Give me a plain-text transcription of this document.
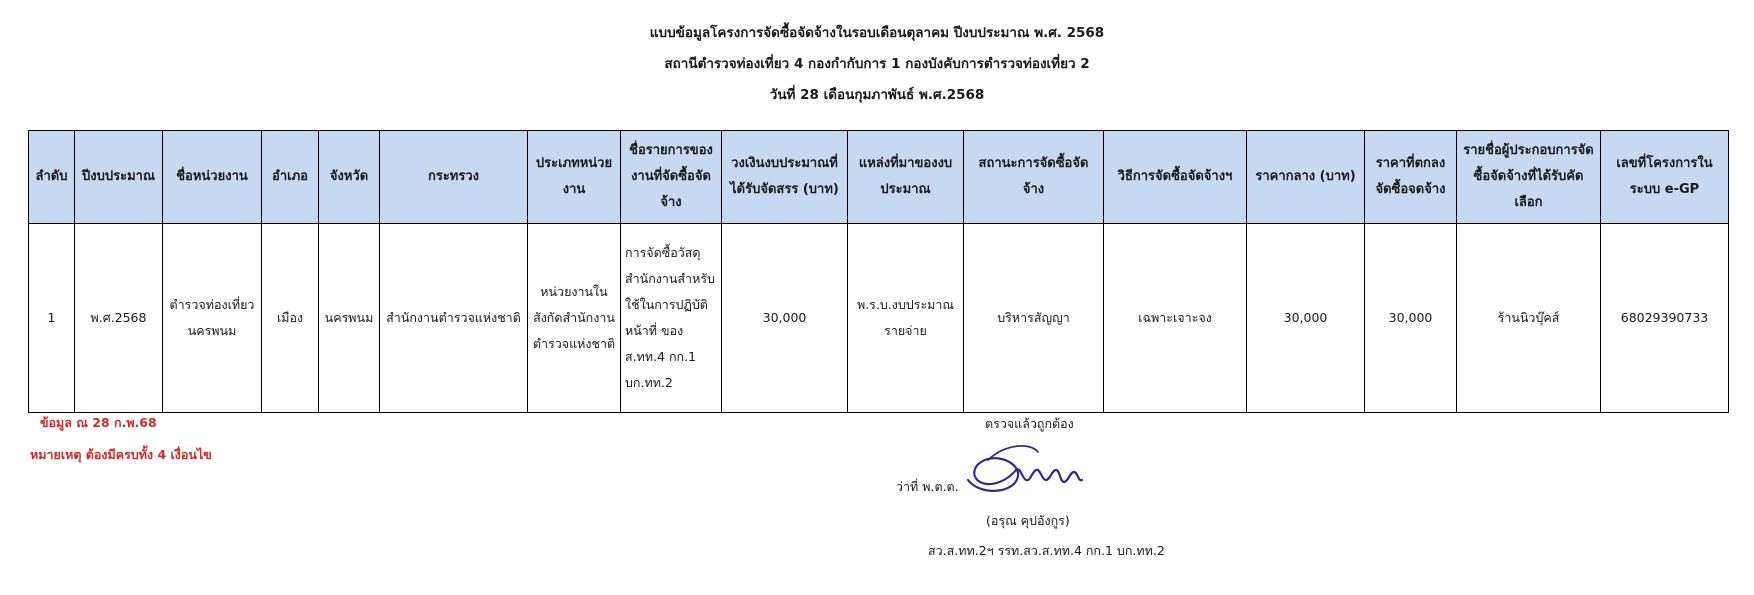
แบบข้อมูลโครงการจัดซื้อจัดจ้างในรอบเดือนตุลาคม ปีงบประมาณ พ.ศ. 2568
สถานีตำรวจท่องเที่ยว 4 กองกำกับการ 1 กองบังคับการตำรวจท่องเที่ยว 2
วันที่ 28 เดือนกุมภาพันธ์ พ.ศ.2568
ลำดับ	ปีงบประมาณ	ชื่อหน่วยงาน	อำเภอ	จังหวัด	กระทรวง	ประเภทหน่วยงาน	ชื่อรายการของงานที่จัดซื้อจัดจ้าง	วงเงินงบประมาณที่ได้รับจัดสรร (บาท)	แหล่งที่มาของงบประมาณ	สถานะการจัดซื้อจัดจ้าง	วิธีการจัดซื้อจัดจ้างฯ	ราคากลาง (บาท)	ราคาที่ตกลงจัดซื้อจดจ้าง	รายชื่อผู้ประกอบการจัดซื้อจัดจ้างที่ได้รับคัดเลือก	เลขที่โครงการในระบบ e-GP
1	พ.ศ.2568	ตำรวจท่องเที่ยวนครพนม	เมือง	นครพนม	สำนักงานตำรวจแห่งชาติ	หน่วยงานในสังกัดสำนักงานตำรวจแห่งชาติ	การจัดซื้อวัสดุสำนักงานสำหรับใช้ในการปฏิบัติหน้าที่ ของ ส.ทท.4 กก.1 บก.ทท.2	30,000	พ.ร.บ.งบประมาณรายจ่าย	บริหารสัญญา	เฉพาะเจาะจง	30,000	30,000	ร้านนิวบุ๊คส์	68029390733
ข้อมูล ณ 28 ก.พ.68
หมายเหตุ ต้องมีครบทั้ง 4 เงื่อนไข
ตรวจแล้วถูกต้อง
ว่าที่ พ.ต.ต.
(อรุณ คุปอังกูร)
สว.ส.ทท.2ฯ รรท.สว.ส.ทท.4 กก.1 บก.ทท.2
